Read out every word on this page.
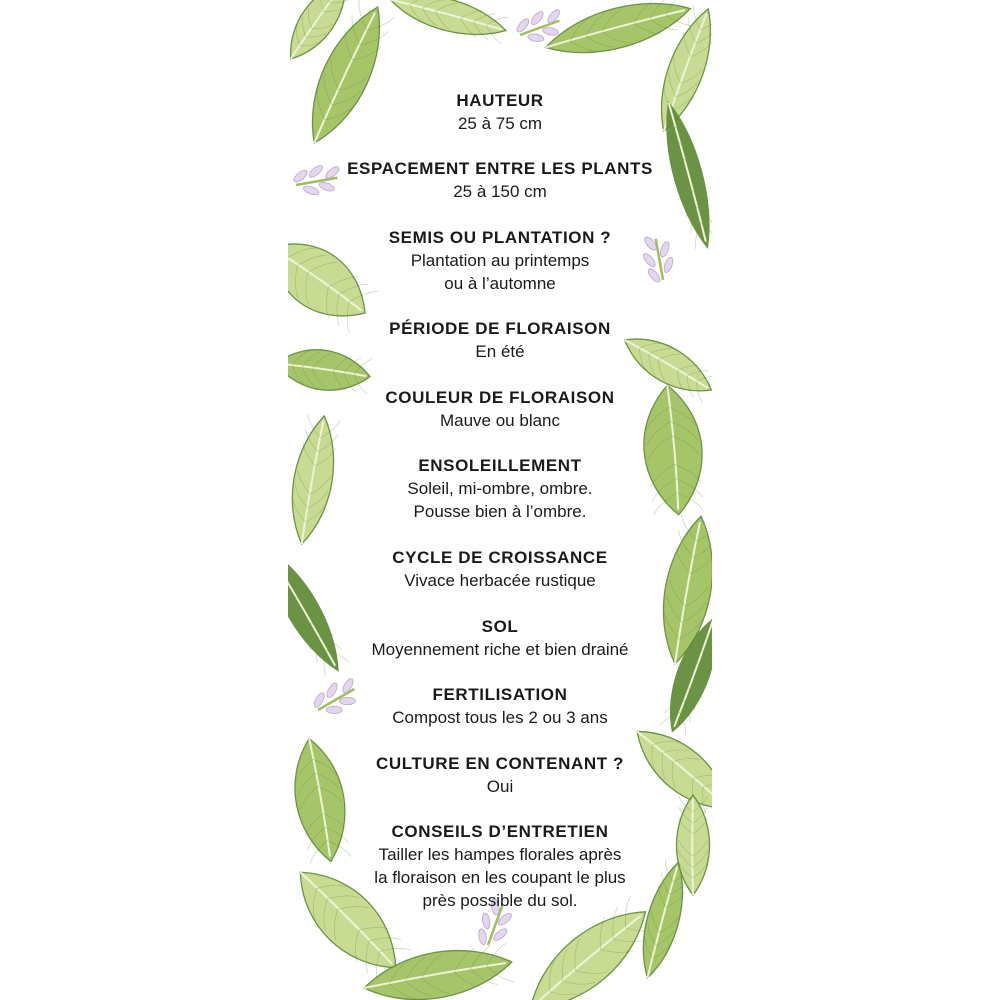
HAUTEUR
25 à 75 cm
ESPACEMENT ENTRE LES PLANTS
25 à 150 cm
SEMIS OU PLANTATION ?
Plantation au printemps
ou à l’automne
PÉRIODE DE FLORAISON
En été
COULEUR DE FLORAISON
Mauve ou blanc
ENSOLEILLEMENT
Soleil, mi-ombre, ombre.
Pousse bien à l’ombre.
CYCLE DE CROISSANCE
Vivace herbacée rustique
SOL
Moyennement riche et bien drainé
FERTILISATION
Compost tous les 2 ou 3 ans
CULTURE EN CONTENANT ?
Oui
CONSEILS D’ENTRETIEN
Tailler les hampes florales après
la floraison en les coupant le plus
près possible du sol.
